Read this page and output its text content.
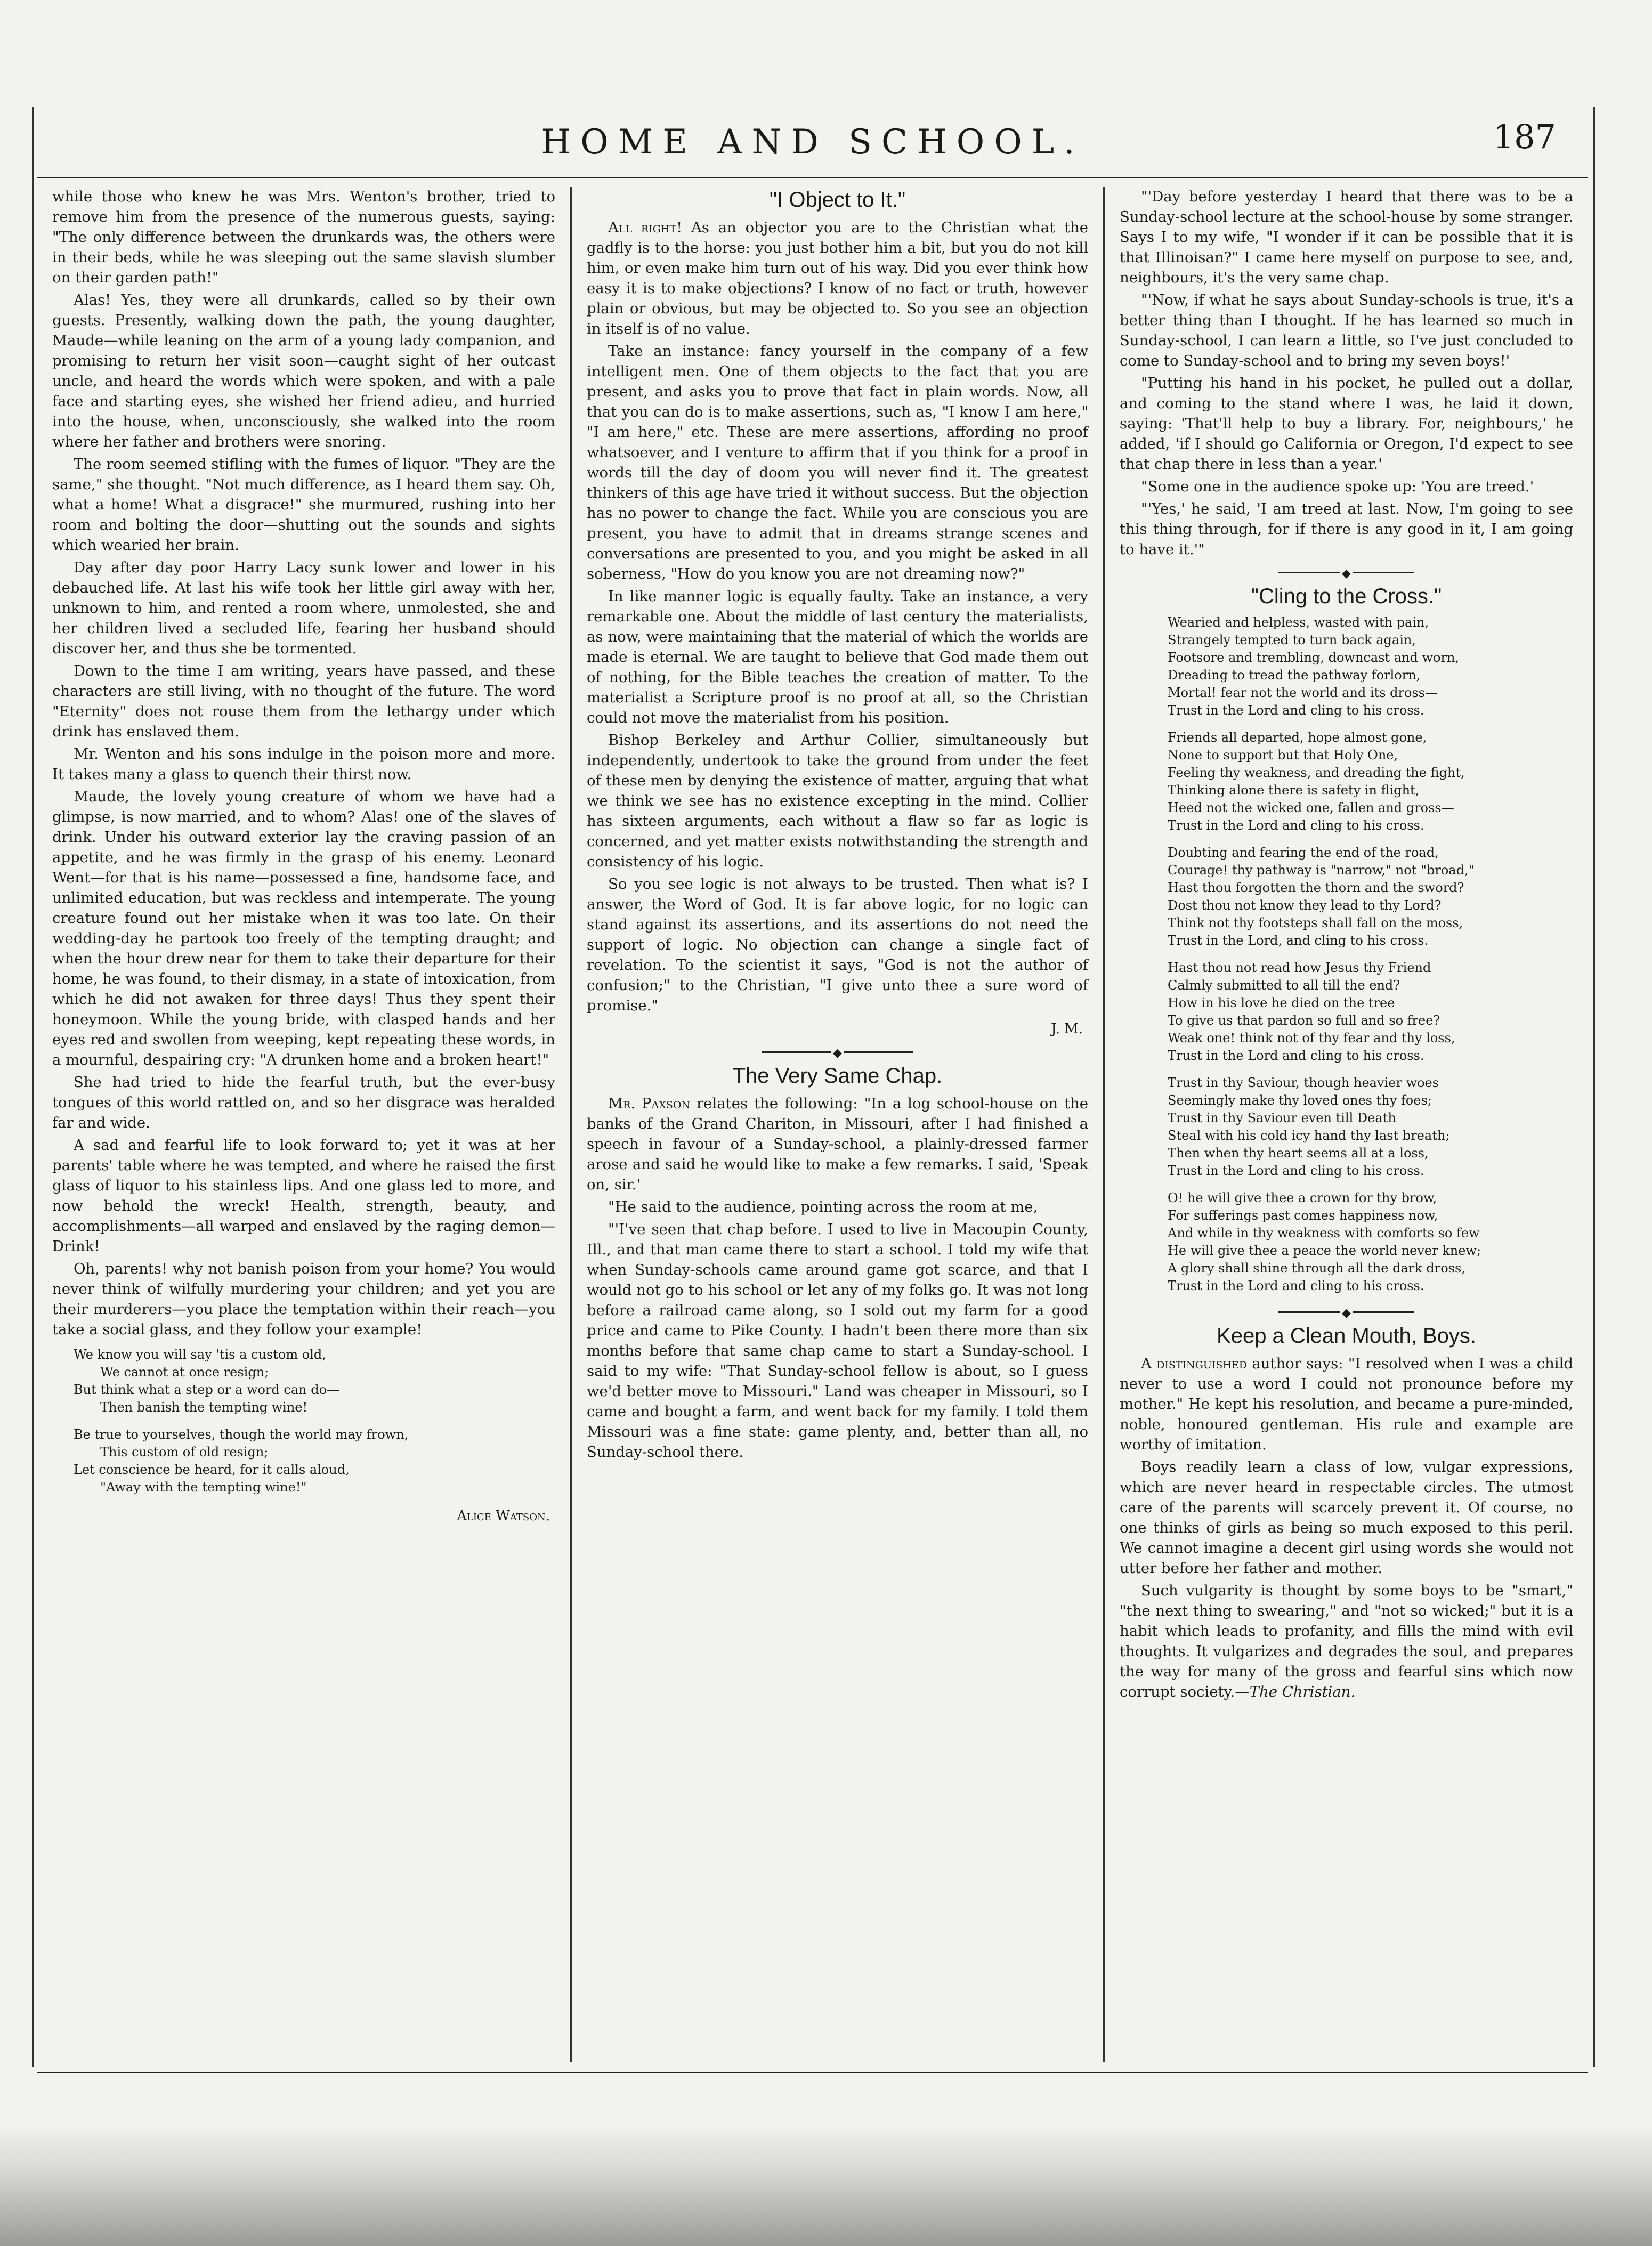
HOME AND SCHOOL.	187

while those who knew he was Mrs. Wenton's brother, tried to remove him from the presence of the numerous guests, saying: "The only difference between the drunkards was, the others were in their beds, while he was sleeping out the same slavish slumber on their garden path!"

Alas! Yes, they were all drunkards, called so by their own guests. Presently, walking down the path, the young daughter, Maude—while leaning on the arm of a young lady companion, and promising to return her visit soon—caught sight of her outcast uncle, and heard the words which were spoken, and with a pale face and starting eyes, she wished her friend adieu, and hurried into the house, when, unconsciously, she walked into the room where her father and brothers were snoring.

The room seemed stifling with the fumes of liquor. "They are the same," she thought. "Not much difference, as I heard them say. Oh, what a home! What a disgrace!" she murmured, rushing into her room and bolting the door—shutting out the sounds and sights which wearied her brain.

Day after day poor Harry Lacy sunk lower and lower in his debauched life. At last his wife took her little girl away with her, unknown to him, and rented a room where, unmolested, she and her children lived a secluded life, fearing her husband should discover her, and thus she be tormented.

Down to the time I am writing, years have passed, and these characters are still living, with no thought of the future. The word "Eternity" does not rouse them from the lethargy under which drink has enslaved them.

Mr. Wenton and his sons indulge in the poison more and more. It takes many a glass to quench their thirst now.

Maude, the lovely young creature of whom we have had a glimpse, is now married, and to whom? Alas! one of the slaves of drink. Under his outward exterior lay the craving passion of an appetite, and he was firmly in the grasp of his enemy. Leonard Went—for that is his name—possessed a fine, handsome face, and unlimited education, but was reckless and intemperate. The young creature found out her mistake when it was too late. On their wedding-day he partook too freely of the tempting draught; and when the hour drew near for them to take their departure for their home, he was found, to their dismay, in a state of intoxication, from which he did not awaken for three days! Thus they spent their honeymoon. While the young bride, with clasped hands and her eyes red and swollen from weeping, kept repeating these words, in a mournful, despairing cry: "A drunken home and a broken heart!"

She had tried to hide the fearful truth, but the ever-busy tongues of this world rattled on, and so her disgrace was heralded far and wide.

A sad and fearful life to look forward to; yet it was at her parents' table where he was tempted, and where he raised the first glass of liquor to his stainless lips. And one glass led to more, and now behold the wreck! Health, strength, beauty, and accomplishments—all warped and enslaved by the raging demon—Drink!

Oh, parents! why not banish poison from your home? You would never think of wilfully murdering your children; and yet you are their murderers—you place the temptation within their reach—you take a social glass, and they follow your example!

We know you will say 'tis a custom old,
We cannot at once resign;
But think what a step or a word can do—
Then banish the tempting wine!
Be true to yourselves, though the world may frown,
This custom of old resign;
Let conscience be heard, for it calls aloud,
"Away with the tempting wine!"
Alice Watson.
"I Object to It."

All right! As an objector you are to the Christian what the gadfly is to the horse: you just bother him a bit, but you do not kill him, or even make him turn out of his way. Did you ever think how easy it is to make objections? I know of no fact or truth, however plain or obvious, but may be objected to. So you see an objection in itself is of no value.

Take an instance: fancy yourself in the company of a few intelligent men. One of them objects to the fact that you are present, and asks you to prove that fact in plain words. Now, all that you can do is to make assertions, such as, "I know I am here," "I am here," etc. These are mere assertions, affording no proof whatsoever, and I venture to affirm that if you think for a proof in words till the day of doom you will never find it. The greatest thinkers of this age have tried it without success. But the objection has no power to change the fact. While you are conscious you are present, you have to admit that in dreams strange scenes and conversations are presented to you, and you might be asked in all soberness, "How do you know you are not dreaming now?"

In like manner logic is equally faulty. Take an instance, a very remarkable one. About the middle of last century the materialists, as now, were maintaining that the material of which the worlds are made is eternal. We are taught to believe that God made them out of nothing, for the Bible teaches the creation of matter. To the materialist a Scripture proof is no proof at all, so the Christian could not move the materialist from his position.

Bishop Berkeley and Arthur Collier, simultaneously but independently, undertook to take the ground from under the feet of these men by denying the existence of matter, arguing that what we think we see has no existence excepting in the mind. Collier has sixteen arguments, each without a flaw so far as logic is concerned, and yet matter exists notwithstanding the strength and consistency of his logic.

So you see logic is not always to be trusted. Then what is? I answer, the Word of God. It is far above logic, for no logic can stand against its assertions, and its assertions do not need the support of logic. No objection can change a single fact of revelation. To the scientist it says, "God is not the author of confusion;" to the Christian, "I give unto thee a sure word of promise."

J. M.
◆
The Very Same Chap.

Mr. Paxson relates the following: "In a log school-house on the banks of the Grand Chariton, in Missouri, after I had finished a speech in favour of a Sunday-school, a plainly-dressed farmer arose and said he would like to make a few remarks. I said, 'Speak on, sir.'

"He said to the audience, pointing across the room at me,

"'I've seen that chap before. I used to live in Macoupin County, Ill., and that man came there to start a school. I told my wife that when Sunday-schools came around game got scarce, and that I would not go to his school or let any of my folks go. It was not long before a railroad came along, so I sold out my farm for a good price and came to Pike County. I hadn't been there more than six months before that same chap came to start a Sunday-school. I said to my wife: "That Sunday-school fellow is about, so I guess we'd better move to Missouri." Land was cheaper in Missouri, so I came and bought a farm, and went back for my family. I told them Missouri was a fine state: game plenty, and, better than all, no Sunday-school there.

"'Day before yesterday I heard that there was to be a Sunday-school lecture at the school-house by some stranger. Says I to my wife, "I wonder if it can be possible that it is that Illinoisan?" I came here myself on purpose to see, and, neighbours, it's the very same chap.

"'Now, if what he says about Sunday-schools is true, it's a better thing than I thought. If he has learned so much in Sunday-school, I can learn a little, so I've just concluded to come to Sunday-school and to bring my seven boys!'

"Putting his hand in his pocket, he pulled out a dollar, and coming to the stand where I was, he laid it down, saying: 'That'll help to buy a library. For, neighbours,' he added, 'if I should go California or Oregon, I'd expect to see that chap there in less than a year.'

"Some one in the audience spoke up: 'You are treed.'

"'Yes,' he said, 'I am treed at last. Now, I'm going to see this thing through, for if there is any good in it, I am going to have it.'"

◆
"Cling to the Cross."
Wearied and helpless, wasted with pain,
Strangely tempted to turn back again,
Footsore and trembling, downcast and worn,
Dreading to tread the pathway forlorn,
Mortal! fear not the world and its dross—
Trust in the Lord and cling to his cross.
Friends all departed, hope almost gone,
None to support but that Holy One,
Feeling thy weakness, and dreading the fight,
Thinking alone there is safety in flight,
Heed not the wicked one, fallen and gross—
Trust in the Lord and cling to his cross.
Doubting and fearing the end of the road,
Courage! thy pathway is "narrow," not "broad,"
Hast thou forgotten the thorn and the sword?
Dost thou not know they lead to thy Lord?
Think not thy footsteps shall fall on the moss,
Trust in the Lord, and cling to his cross.
Hast thou not read how Jesus thy Friend
Calmly submitted to all till the end?
How in his love he died on the tree
To give us that pardon so full and so free?
Weak one! think not of thy fear and thy loss,
Trust in the Lord and cling to his cross.
Trust in thy Saviour, though heavier woes
Seemingly make thy loved ones thy foes;
Trust in thy Saviour even till Death
Steal with his cold icy hand thy last breath;
Then when thy heart seems all at a loss,
Trust in the Lord and cling to his cross.
O! he will give thee a crown for thy brow,
For sufferings past comes happiness now,
And while in thy weakness with comforts so few
He will give thee a peace the world never knew;
A glory shall shine through all the dark dross,
Trust in the Lord and cling to his cross.
◆
Keep a Clean Mouth, Boys.

A distinguished author says: "I resolved when I was a child never to use a word I could not pronounce before my mother." He kept his resolution, and became a pure-minded, noble, honoured gentleman. His rule and example are worthy of imitation.

Boys readily learn a class of low, vulgar expressions, which are never heard in respectable circles. The utmost care of the parents will scarcely prevent it. Of course, no one thinks of girls as being so much exposed to this peril. We cannot imagine a decent girl using words she would not utter before her father and mother.

Such vulgarity is thought by some boys to be "smart," "the next thing to swearing," and "not so wicked;" but it is a habit which leads to profanity, and fills the mind with evil thoughts. It vulgarizes and degrades the soul, and prepares the way for many of the gross and fearful sins which now corrupt society.—The Christian.
